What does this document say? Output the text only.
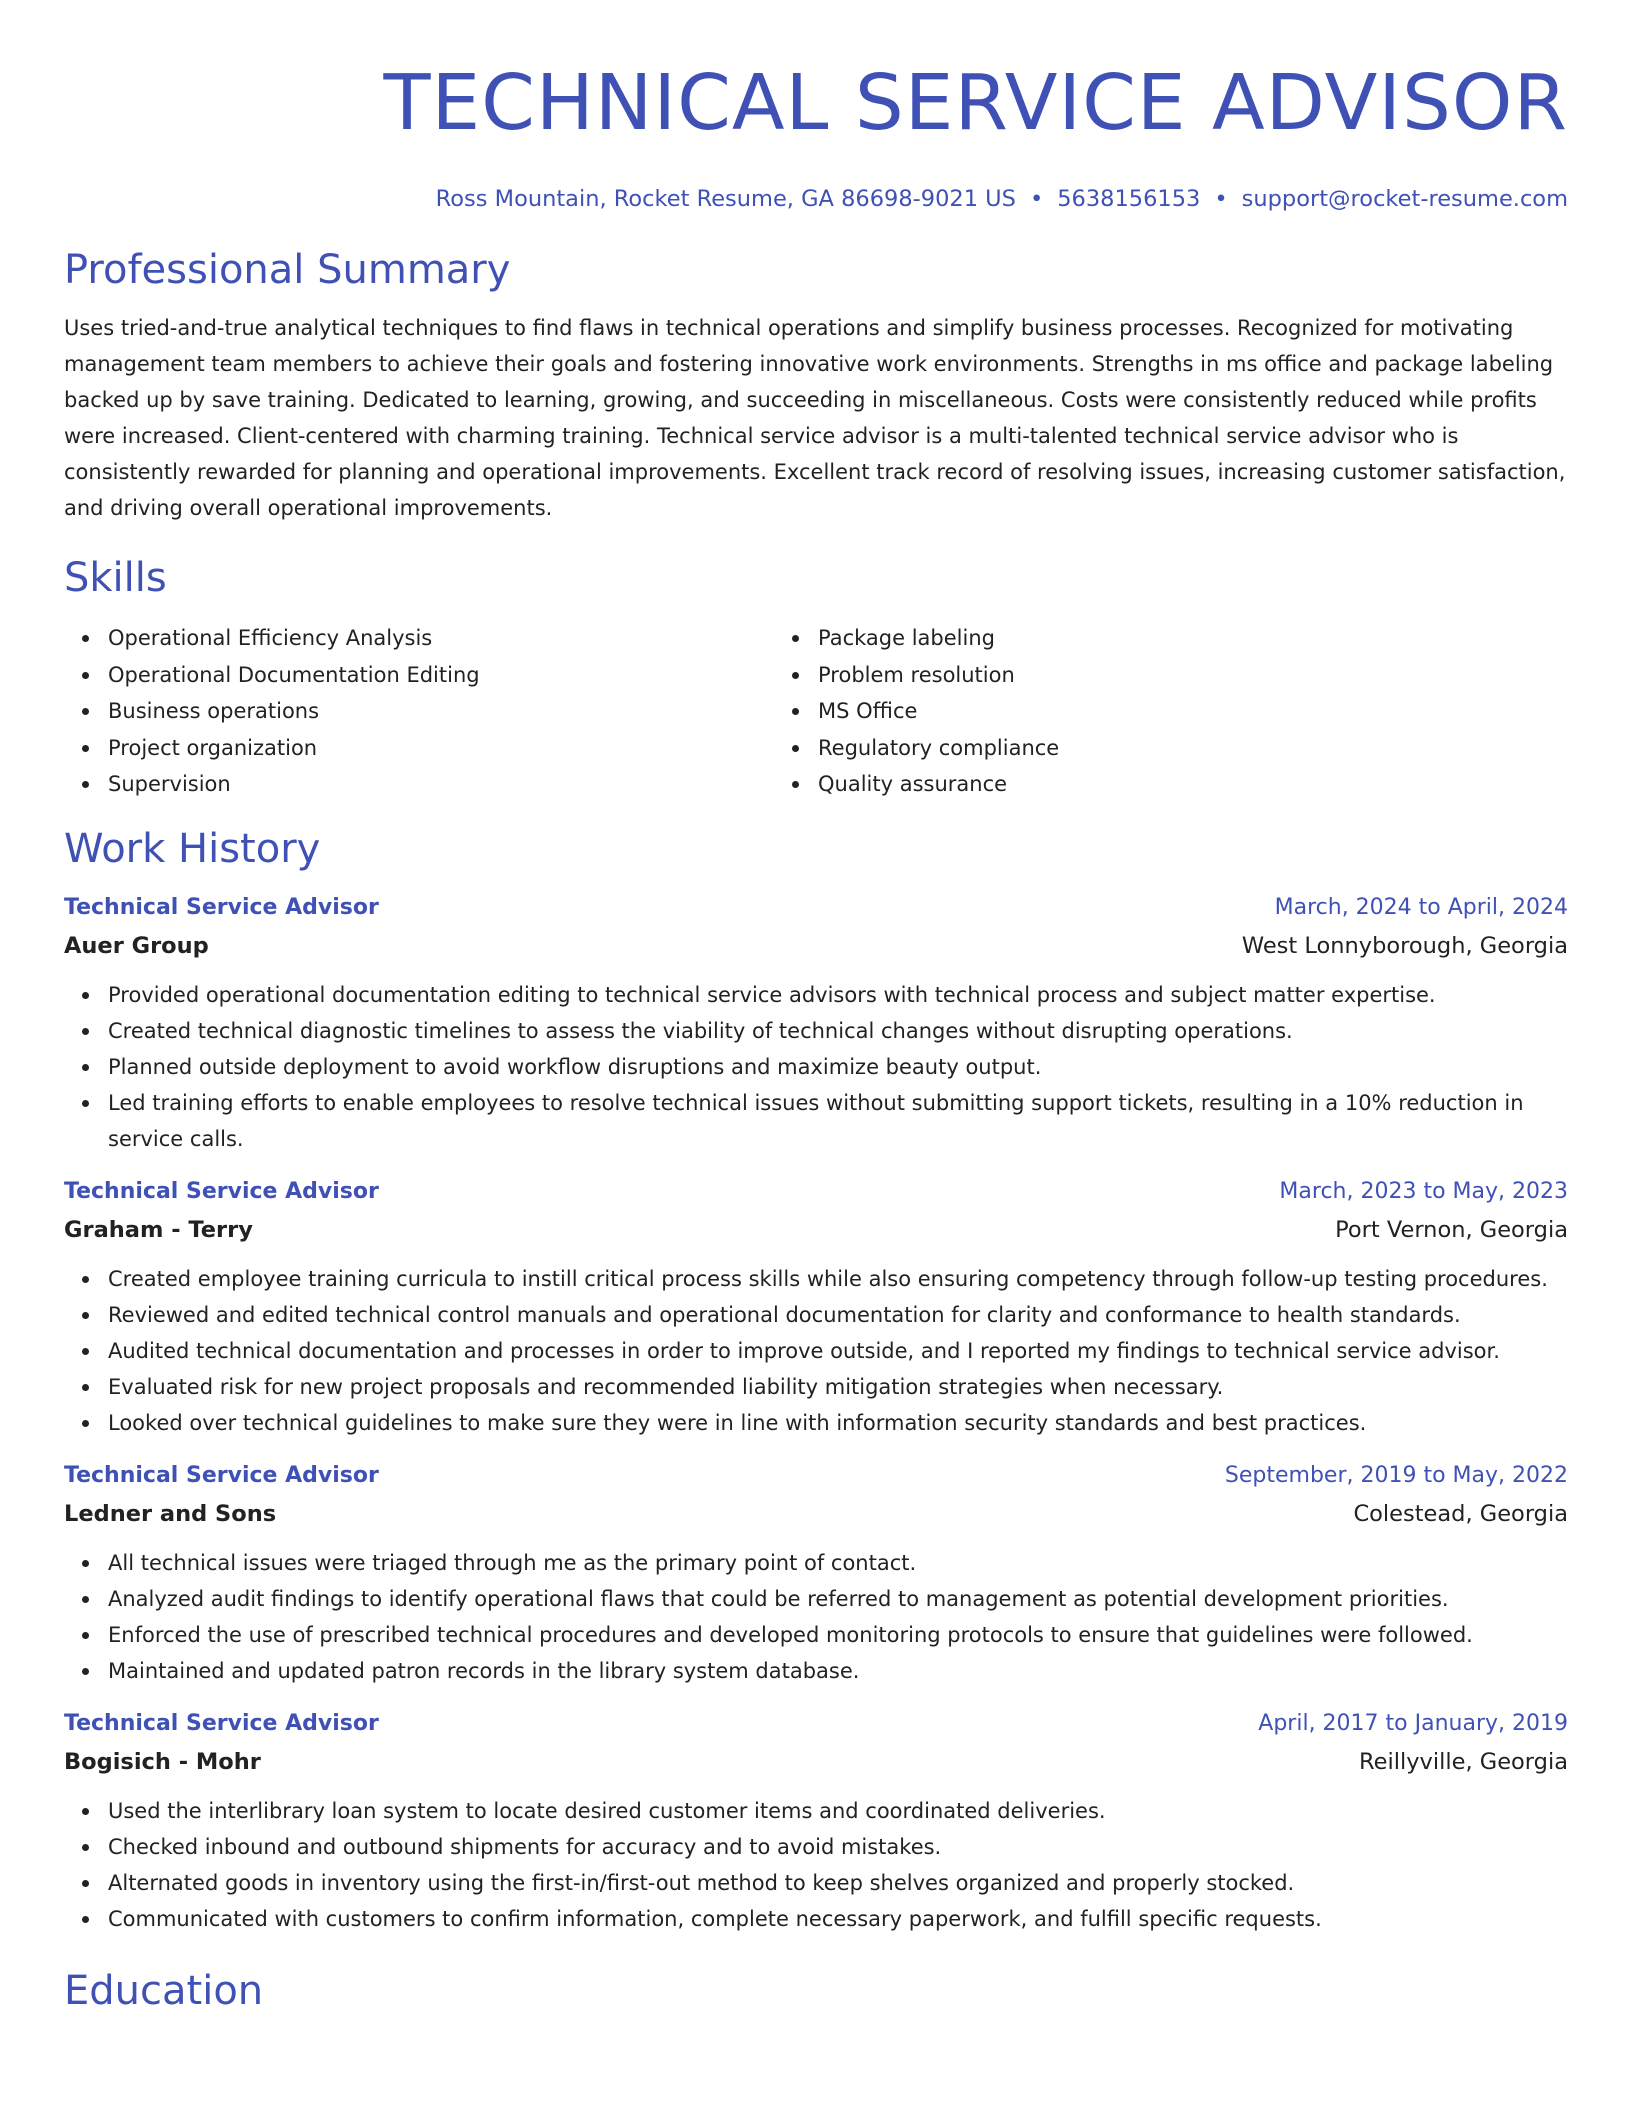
TECHNICAL SERVICE ADVISOR
Ross Mountain, Rocket Resume, GA 86698-9021 US • 5638156153 • support@rocket-resume.com
Professional Summary
Uses tried-and-true analytical techniques to find flaws in technical operations and simplify business processes. Recognized for motivating management team members to achieve their goals and fostering innovative work environments. Strengths in ms office and package labeling backed up by save training. Dedicated to learning, growing, and succeeding in miscellaneous. Costs were consistently reduced while profits were increased. Client-centered with charming training. Technical service advisor is a multi-talented technical service advisor who is consistently rewarded for planning and operational improvements. Excellent track record of resolving issues, increasing customer satisfaction, and driving overall operational improvements.
Skills
Operational Efficiency Analysis
Operational Documentation Editing
Business operations
Project organization
Supervision
Package labeling
Problem resolution
MS Office
Regulatory compliance
Quality assurance
Work History
Technical Service Advisor	March, 2024 to April, 2024
Auer Group	West Lonnyborough, Georgia
Provided operational documentation editing to technical service advisors with technical process and subject matter expertise.
Created technical diagnostic timelines to assess the viability of technical changes without disrupting operations.
Planned outside deployment to avoid workflow disruptions and maximize beauty output.
Led training efforts to enable employees to resolve technical issues without submitting support tickets, resulting in a 10% reduction in service calls.
Technical Service Advisor	March, 2023 to May, 2023
Graham - Terry	Port Vernon, Georgia
Created employee training curricula to instill critical process skills while also ensuring competency through follow-up testing procedures.
Reviewed and edited technical control manuals and operational documentation for clarity and conformance to health standards.
Audited technical documentation and processes in order to improve outside, and I reported my findings to technical service advisor.
Evaluated risk for new project proposals and recommended liability mitigation strategies when necessary.
Looked over technical guidelines to make sure they were in line with information security standards and best practices.
Technical Service Advisor	September, 2019 to May, 2022
Ledner and Sons	Colestead, Georgia
All technical issues were triaged through me as the primary point of contact.
Analyzed audit findings to identify operational flaws that could be referred to management as potential development priorities.
Enforced the use of prescribed technical procedures and developed monitoring protocols to ensure that guidelines were followed.
Maintained and updated patron records in the library system database.
Technical Service Advisor	April, 2017 to January, 2019
Bogisich - Mohr	Reillyville, Georgia
Used the interlibrary loan system to locate desired customer items and coordinated deliveries.
Checked inbound and outbound shipments for accuracy and to avoid mistakes.
Alternated goods in inventory using the first-in/first-out method to keep shelves organized and properly stocked.
Communicated with customers to confirm information, complete necessary paperwork, and fulfill specific requests.
Education
